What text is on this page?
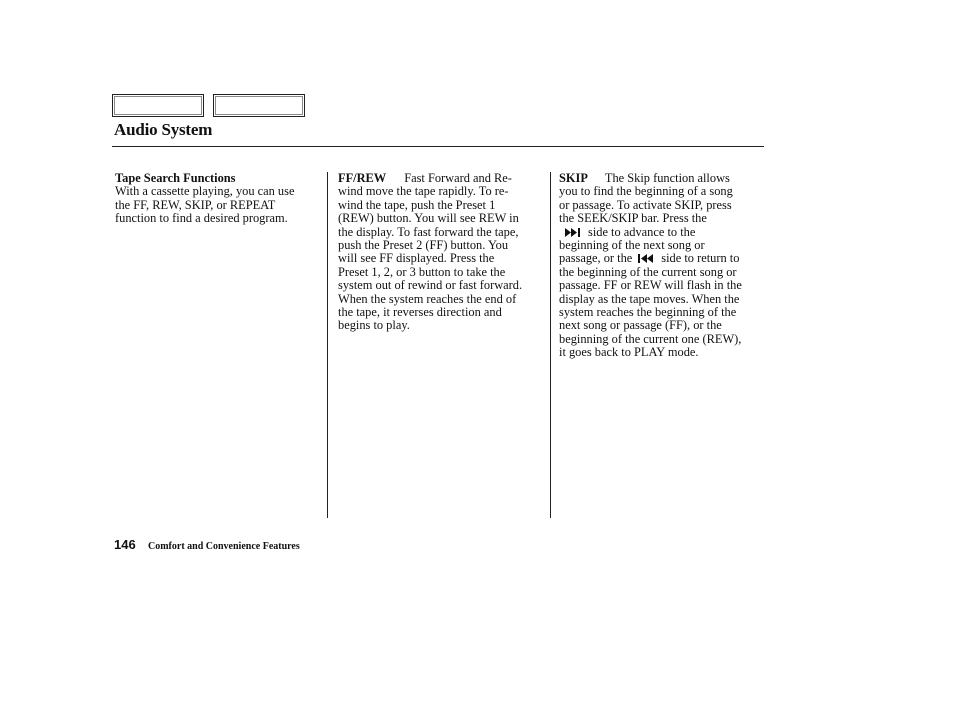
Audio System
Tape Search Functions
With a cassette playing, you can use
the FF, REW, SKIP, or REPEAT
function to find a desired program.
FF/REW Fast Forward and Re-
wind move the tape rapidly. To re-
wind the tape, push the Preset 1
(REW) button. You will see REW in
the display. To fast forward the tape,
push the Preset 2 (FF) button. You
will see FF displayed. Press the
Preset 1, 2, or 3 button to take the
system out of rewind or fast forward.
When the system reaches the end of
the tape, it reverses direction and
begins to play.
SKIP The Skip function allows
you to find the beginning of a song
or passage. To activate SKIP, press
the SEEK/SKIP bar. Press the
side to advance to the
beginning of the next song or
passage, or the side to return to
the beginning of the current song or
passage. FF or REW will flash in the
display as the tape moves. When the
system reaches the beginning of the
next song or passage (FF), or the
beginning of the current one (REW),
it goes back to PLAY mode.
146 Comfort and Convenience Features
